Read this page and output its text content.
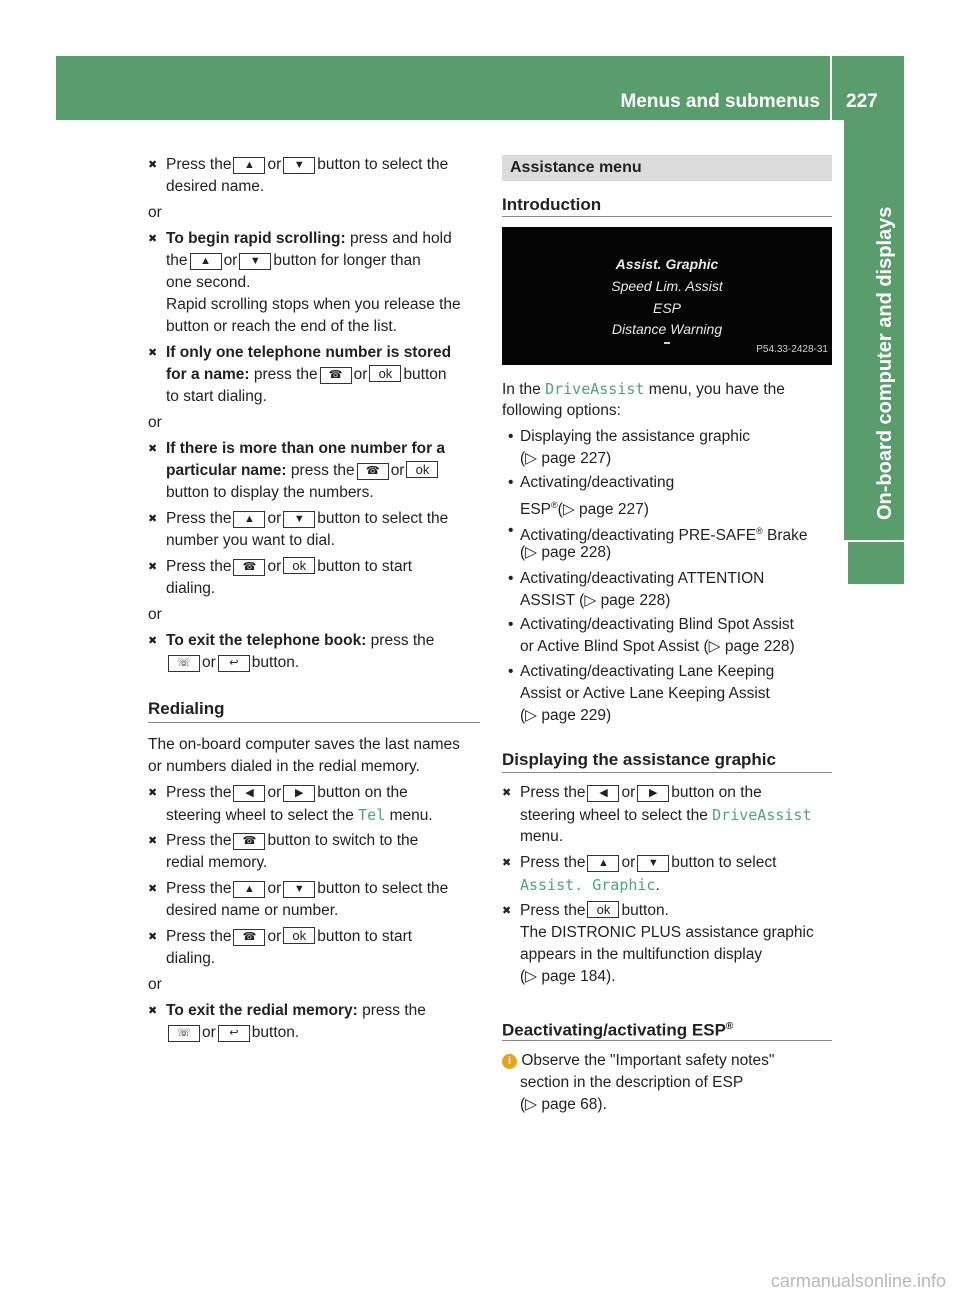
Menus and submenus 227
On-board computer and displays
✖ Press the ▲ or ▼ button to select the
desired name.
or
✖ To begin rapid scrolling: press and hold
the ▲ or ▼ button for longer than
one second.
Rapid scrolling stops when you release the
button or reach the end of the list.
✖ If only one telephone number is stored
for a name: press the ☎ or ok button
to start dialing.
or
✖ If there is more than one number for a
particular name: press the ☎ or ok
button to display the numbers.
✖ Press the ▲ or ▼ button to select the
number you want to dial.
✖ Press the ☎ or ok button to start
dialing.
or
✖ To exit the telephone book: press the
☏ or ↩ button.
Redialing
The on-board computer saves the last names
or numbers dialed in the redial memory.
✖ Press the ◀ or ▶ button on the
steering wheel to select the Tel menu.
✖ Press the ☎ button to switch to the
redial memory.
✖ Press the ▲ or ▼ button to select the
desired name or number.
✖ Press the ☎ or ok button to start
dialing.
or
✖ To exit the redial memory: press the
☏ or ↩ button.
Assistance menu
Introduction
Assist. Graphic
Speed Lim. Assist
ESP
Distance Warning
P54.33-2428-31
In the DriveAssist menu, you have the
following options:
• Displaying the assistance graphic
(▷ page 227)
• Activating/deactivating
ESP®(▷ page 227)
• Activating/deactivating PRE-SAFE® Brake
(▷ page 228)
• Activating/deactivating ATTENTION
ASSIST (▷ page 228)
• Activating/deactivating Blind Spot Assist
or Active Blind Spot Assist (▷ page 228)
• Activating/deactivating Lane Keeping
Assist or Active Lane Keeping Assist
(▷ page 229)
Displaying the assistance graphic
✖ Press the ◀ or ▶ button on the
steering wheel to select the DriveAssist
menu.
✖ Press the ▲ or ▼ button to select
Assist. Graphic.
✖ Press the ok button.
The DISTRONIC PLUS assistance graphic
appears in the multifunction display
(▷ page 184).
Deactivating/activating ESP®
i Observe the "Important safety notes"
section in the description of ESP
(▷ page 68).
carmanualsonline.info
